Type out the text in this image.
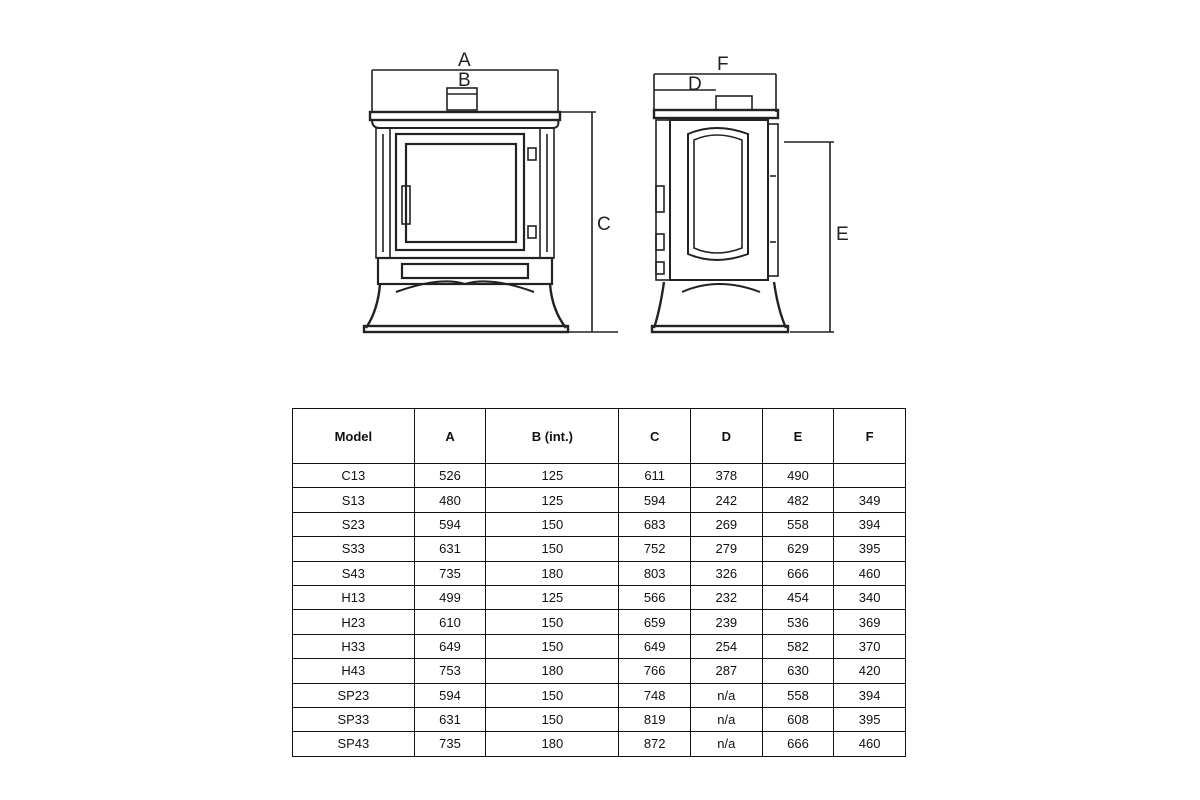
A
B
C
D
E
F
Model	A	B (int.)	C	D	E	F
C13	526	125	611	378	490	
S13	480	125	594	242	482	349
S23	594	150	683	269	558	394
S33	631	150	752	279	629	395
S43	735	180	803	326	666	460
H13	499	125	566	232	454	340
H23	610	150	659	239	536	369
H33	649	150	649	254	582	370
H43	753	180	766	287	630	420
SP23	594	150	748	n/a	558	394
SP33	631	150	819	n/a	608	395
SP43	735	180	872	n/a	666	460
